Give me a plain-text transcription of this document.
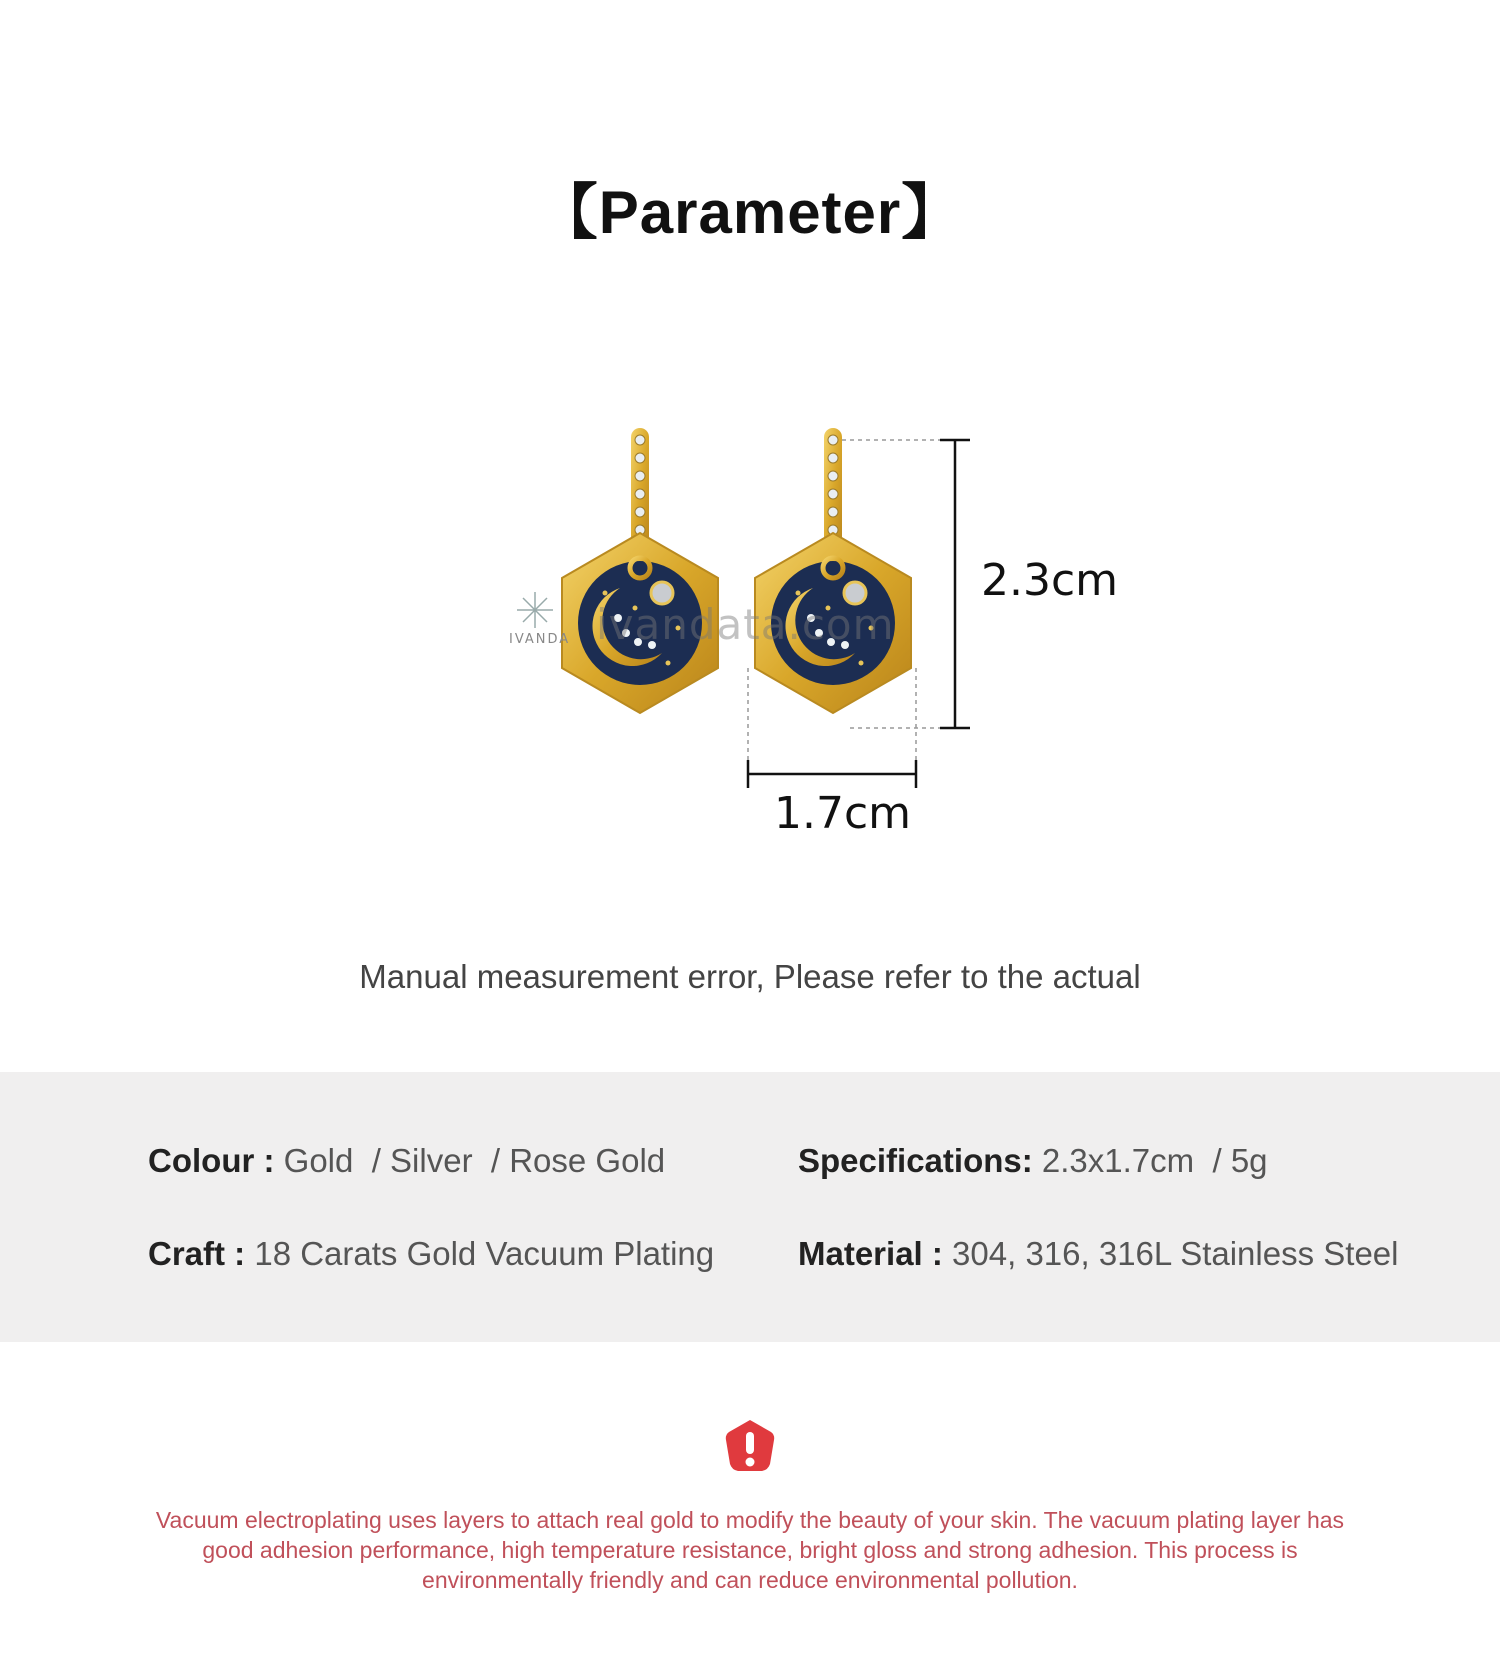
【Parameter】
2.3cm
1.7cm
IVANDA ivandata.com
Manual measurement error, Please refer to the actual
Colour : Gold  / Silver  / Rose Gold	Specifications: 2.3x1.7cm  / 5g
Craft : 18 Carats Gold Vacuum Plating	Material : 304, 316, 316L Stainless Steel
Vacuum electroplating uses layers to attach real gold to modify the beauty of your skin. The vacuum plating layer has good adhesion performance, high temperature resistance, bright gloss and strong adhesion. This process is environmentally friendly and can reduce environmental pollution.
